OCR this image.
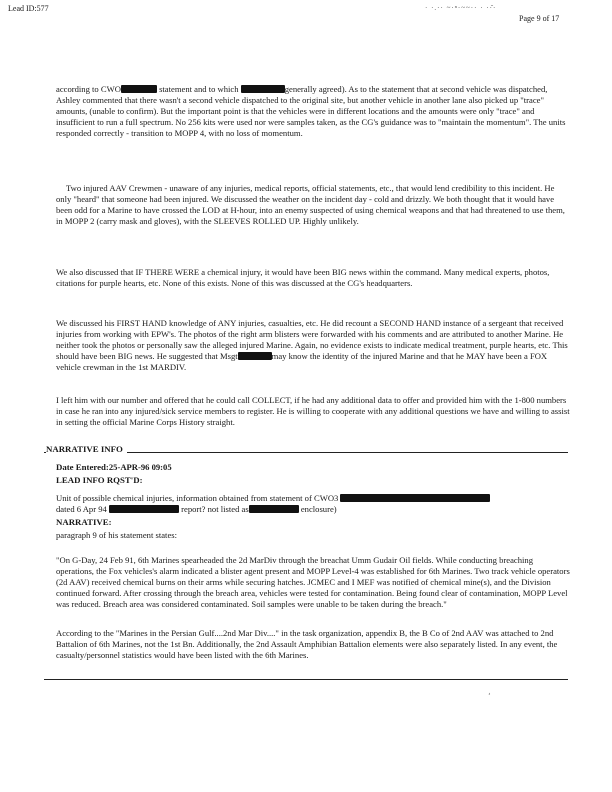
Lead ID:577	· ·.·· ~·ⁿ·~~·· · ··͂·
Page 9 of 17

according to CWO	statement and to which	generally agreed). As to the statement that at second vehicle was dispatched, Ashley commented that there wasn't a second vehicle dispatched to the original site, but another vehicle in another lane also picked up "trace" amounts, (unable to confirm). But the important point is that the vehicles were in different locations and the amounts were only "trace" and insufficient to run a full spectrum. No 256 kits were used nor were samples taken, as the CG's guidance was to "maintain the momentum". The units responded correctly - transition to MOPP 4, with no loss of momentum.

Two injured AAV Crewmen - unaware of any injuries, medical reports, official statements, etc., that would lend credibility to this incident. He only "heard" that someone had been injured. We discussed the weather on the incident day - cold and drizzly. We both thought that it would have been odd for a Marine to have crossed the LOD at H-hour, into an enemy suspected of using chemical weapons and that had threatened to use them, in MOPP 2 (carry mask and gloves), with the SLEEVES ROLLED UP. Highly unlikely.

We also discussed that IF THERE WERE a chemical injury, it would have been BIG news within the command. Many medical experts, photos, citations for purple hearts, etc. None of this exists. None of this was discussed at the CG's headquarters.

We discussed his FIRST HAND knowledge of ANY injuries, casualties, etc. He did recount a SECOND HAND instance of a sergeant that received injuries from working with EPW's. The photos of the right arm blisters were forwarded with his comments and are attributed to another Marine. He neither took the photos or personally saw the alleged injured Marine. Again, no evidence exists to indicate medical treatment, purple hearts, etc. This should have been BIG news. He suggested that Msgt	may know the identity of the injured Marine and that he MAY have been a FOX vehicle crewman in the 1st MARDIV.

I left him with our number and offered that he could call COLLECT, if he had any additional data to offer and provided him with the 1-800 numbers in case he ran into any injured/sick service members to register. He is willing to cooperate with any additional questions we have and willing to assist in setting the official Marine Corps History straight.

NARRATIVE INFO
Date Entered:25-APR-96 09:05
LEAD INFO RQST'D:

Unit of possible chemical injuries, information obtained from statement of CWO3
dated 6 Apr 94	report? not listed as	enclosure)

NARRATIVE:
paragraph 9 of his statement states:

"On G-Day, 24 Feb 91, 6th Marines spearheaded the 2d MarDiv through the breachat Umm Gudair Oil fields. While conducting breaching operations, the Fox vehicles's alarm indicated a blister agent present and MOPP Level-4 was established for 6th Marines. Two track vehicle operators (2d AAV) received chemical burns on their arms while securing hatches. JCMEC and I MEF was notified of chemical mine(s), and the Division continued forward. After crossing through the breach area, vehicles were tested for contamination. Being found clear of contamination, MOPP Level was reduced. Breach area was considered contaminated. Soil samples were unable to be taken during the breach."

According to the "Marines in the Persian Gulf....2nd Mar Div...." in the task organization, appendix B, the B Co of 2nd AAV was attached to 2nd Battalion of 6th Marines, not the 1st Bn. Additionally, the 2nd Assault Amphibian Battalion elements were also separately listed. In any event, the casualty/personnel statistics would have been listed with the 6th Marines.

¸
